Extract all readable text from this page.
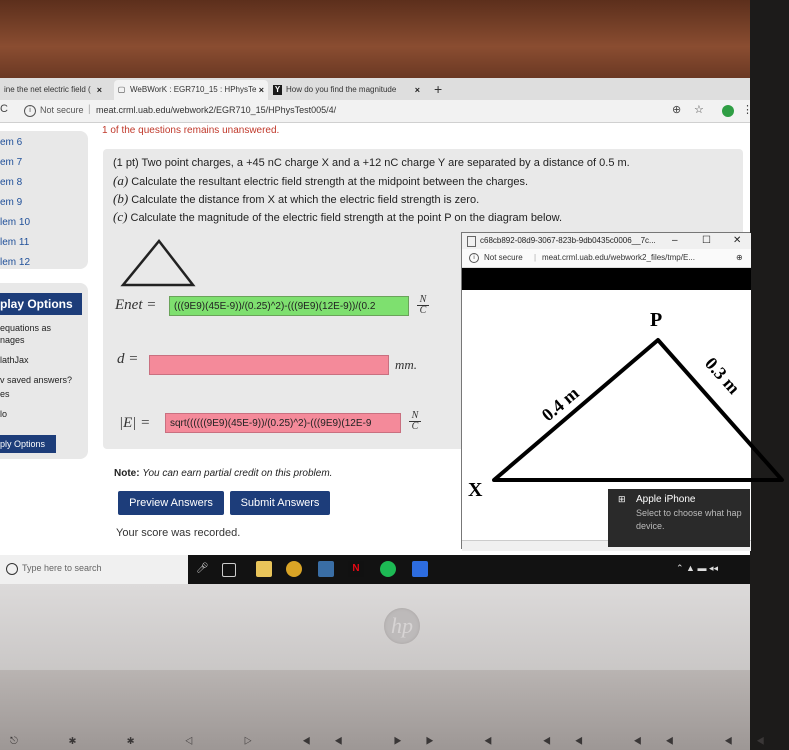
ine the net electric field ( × ▢ WeBWorK : EGR710_15 : HPhysTe × Y How do you find the magnitude × +
C	i	Not secure | meat.crml.uab.edu/webwork2/EGR710_15/HPhysTest005/4/	⊕ ☆	⋮
1 of the questions remains unanswered.
em 6
em 7
em 8
em 9
lem 10
lem 11
lem 12
play Options
equations as
nages
lathJax
v saved answers?
es
lo
ply Options
(1 pt) Two point charges, a +45 nC charge X and a +12 nC charge Y are separated by a distance of 0.5 m.
(a) Calculate the resultant electric field strength at the midpoint between the charges.
(b) Calculate the distance from X at which the electric field strength is zero.
(c) Calculate the magnitude of the electric field strength at the point P on the diagram below.
Enet =	(((9E9)(45E-9))/(0.25)^2)-(((9E9)(12E-9))/(0.2	$\frac{N}{C}$
d =	mm.
|E| =	sqrt((((((9E9)(45E-9))/(0.25)^2)-(((9E9)(12E-9	$\frac{N}{C}$
Note: You can earn partial credit on this problem.
Preview Answers	Submit Answers
Your score was recorded.
c68cb892-08d9-3067-823b-9db0435c0006__7c... – ☐ ✕
i	Not secure | meat.crml.uab.edu/webwork2_files/tmp/E...	⊕
P
X
0.4 m
0.3 m
⊞ Apple iPhone
Select to choose what hap
device.
Type here to search	🎤︎	N	⌃ ▲ ▬ ◂◂
hp
⎋ ✱ ✱ ◁ ▷ ◀◀ ▶▶ ◀ ◀◀ ◀◀ ◀◀
